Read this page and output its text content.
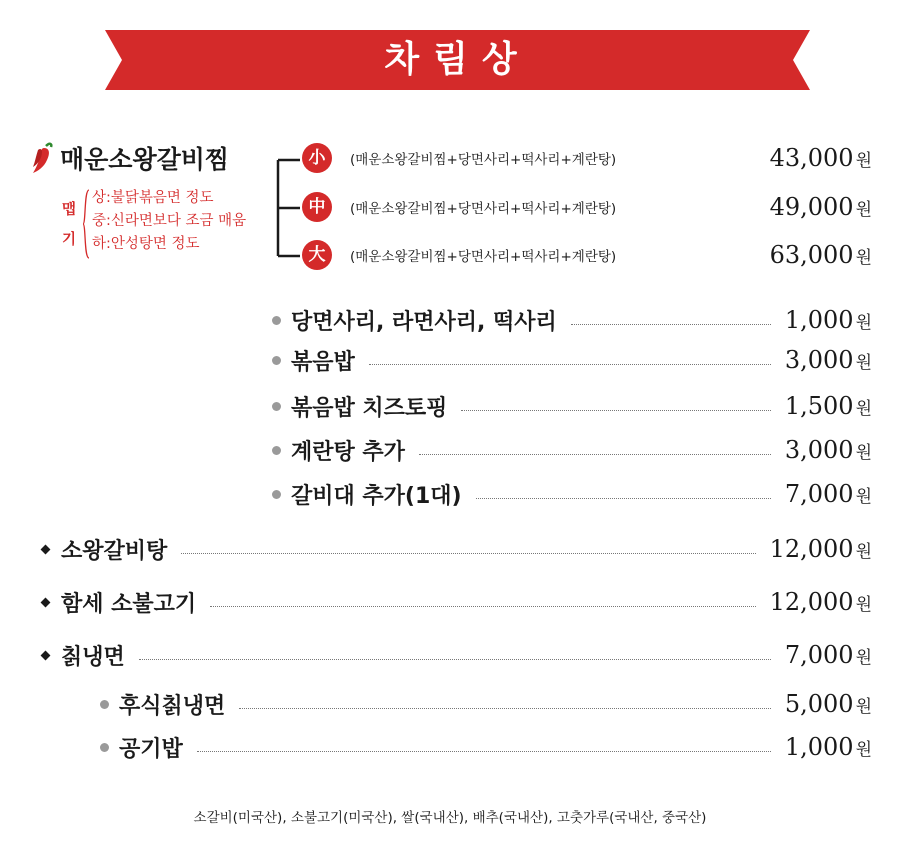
차림상
매운소왕갈비찜
맵기
상:불닭볶음면 정도
중:신라면보다 조금 매움
하:안성탕면 정도
小	(매운소왕갈비찜+당면사리+떡사리+계란탕)	43,000 원
中	(매운소왕갈비찜+당면사리+떡사리+계란탕)	49,000 원
大	(매운소왕갈비찜+당면사리+떡사리+계란탕)	63,000 원
당면사리, 라면사리, 떡사리	1,000 원
볶음밥	3,000 원
볶음밥 치즈토핑	1,500 원
계란탕 추가	3,000 원
갈비대 추가(1대)	7,000 원
소왕갈비탕	12,000 원
함세 소불고기	12,000 원
칡냉면	7,000 원
후식칡냉면	5,000 원
공기밥	1,000 원
소갈비(미국산), 소불고기(미국산), 쌀(국내산), 배추(국내산), 고춧가루(국내산, 중국산)
